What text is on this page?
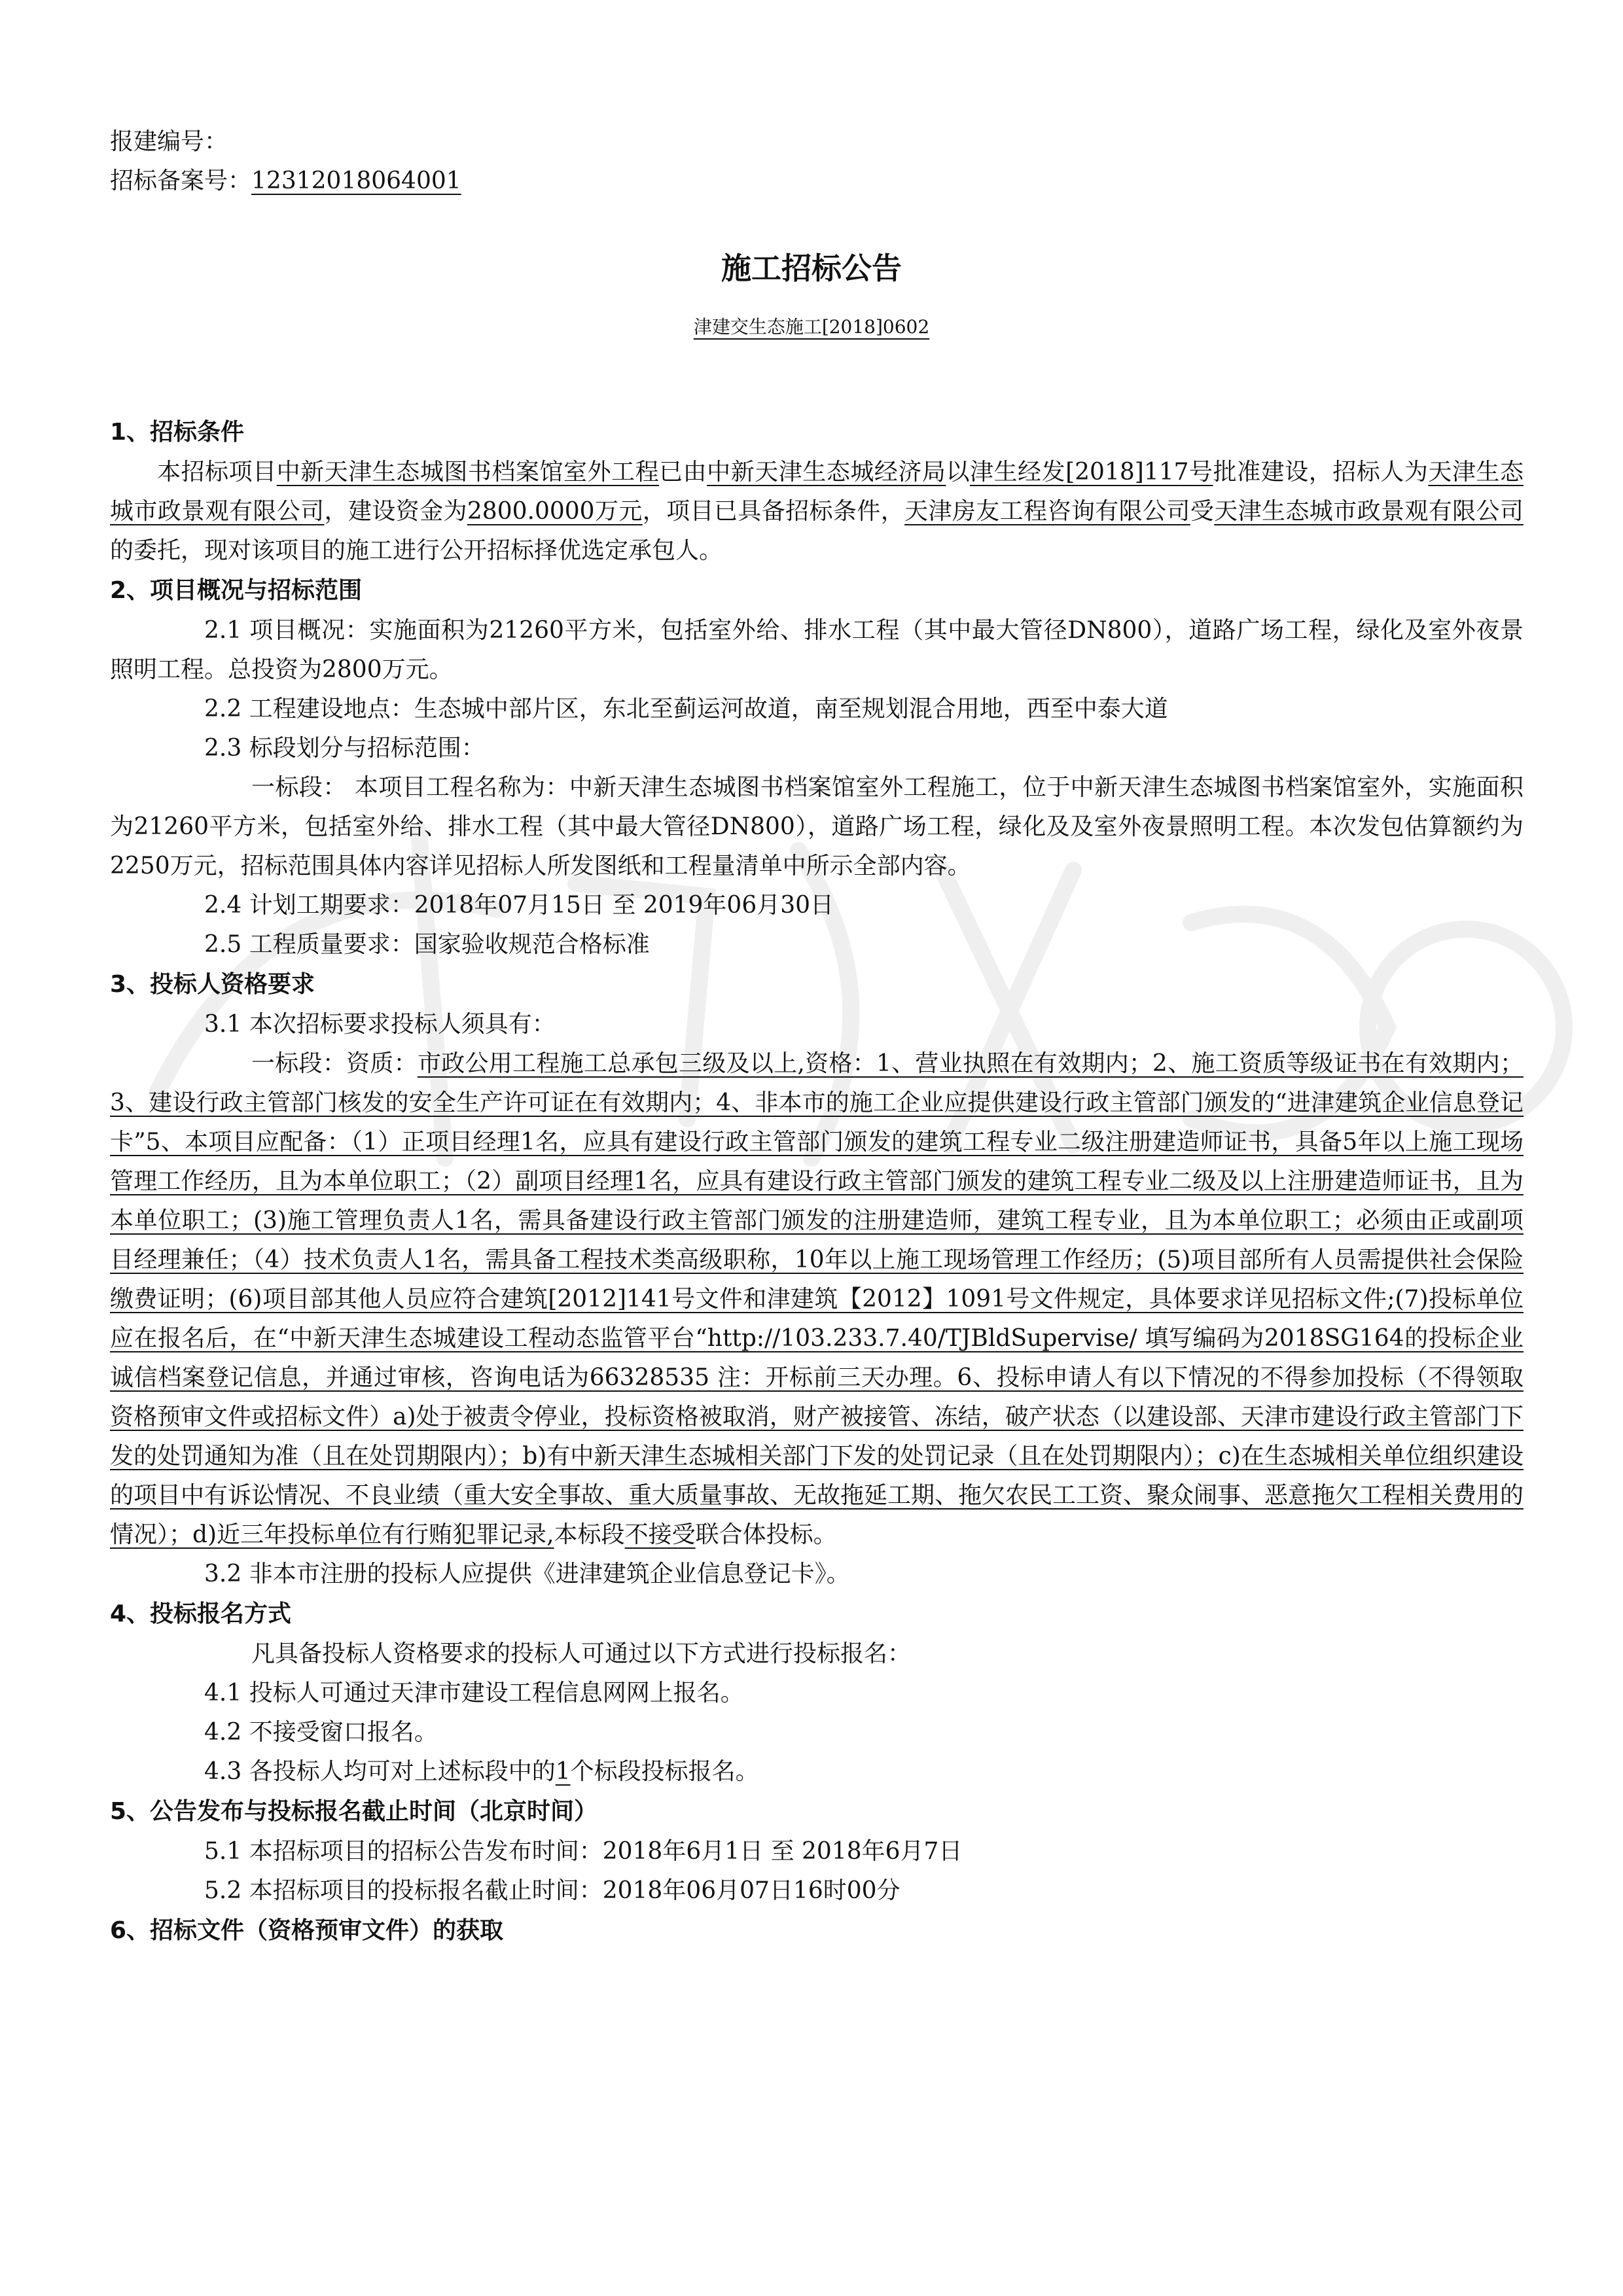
报建编号：
招标备案号：12312018064001
施工招标公告
津建交生态施工[2018]0602

1、招标条件

本招标项目中新天津生态城图书档案馆室外工程已由中新天津生态城经济局以津生经发[2018]117号批准建设，招标人为天津生态城市政景观有限公司，建设资金为2800.0000万元，项目已具备招标条件，天津房友工程咨询有限公司受天津生态城市政景观有限公司的委托，现对该项目的施工进行公开招标择优选定承包人。

2、项目概况与招标范围

2.1 项目概况：实施面积为21260平方米，包括室外给、排水工程（其中最大管径DN800），道路广场工程，绿化及室外夜景照明工程。总投资为2800万元。

2.2 工程建设地点：生态城中部片区，东北至蓟运河故道，南至规划混合用地，西至中泰大道

2.3 标段划分与招标范围：

一标段： 本项目工程名称为：中新天津生态城图书档案馆室外工程施工，位于中新天津生态城图书档案馆室外，实施面积为21260平方米，包括室外给、排水工程（其中最大管径DN800），道路广场工程，绿化及及室外夜景照明工程。本次发包估算额约为2250万元，招标范围具体内容详见招标人所发图纸和工程量清单中所示全部内容。

2.4 计划工期要求：2018年07月15日 至 2019年06月30日

2.5 工程质量要求：国家验收规范合格标准

3、投标人资格要求

3.1 本次招标要求投标人须具有：

一标段：资质：市政公用工程施工总承包三级及以上,资格：1、营业执照在有效期内；2、施工资质等级证书在有效期内；3、建设行政主管部门核发的安全生产许可证在有效期内；4、非本市的施工企业应提供建设行政主管部门颁发的“进津建筑企业信息登记卡”5、本项目应配备：（1）正项目经理1名，应具有建设行政主管部门颁发的建筑工程专业二级注册建造师证书，具备5年以上施工现场管理工作经历，且为本单位职工；（2）副项目经理1名，应具有建设行政主管部门颁发的建筑工程专业二级及以上注册建造师证书，且为本单位职工；(3)施工管理负责人1名，需具备建设行政主管部门颁发的注册建造师，建筑工程专业，且为本单位职工；必须由正或副项目经理兼任；（4）技术负责人1名，需具备工程技术类高级职称，10年以上施工现场管理工作经历；(5)项目部所有人员需提供社会保险缴费证明；(6)项目部其他人员应符合建筑[2012]141号文件和津建筑【2012】1091号文件规定，具体要求详见招标文件;(7)投标单位应在报名后，在“中新天津生态城建设工程动态监管平台“http://103.233.7.40/TJBldSupervise/ 填写编码为2018SG164的投标企业诚信档案登记信息，并通过审核，咨询电话为66328535 注：开标前三天办理。6、投标申请人有以下情况的不得参加投标（不得领取资格预审文件或招标文件）a)处于被责令停业，投标资格被取消，财产被接管、冻结，破产状态（以建设部、天津市建设行政主管部门下发的处罚通知为准（且在处罚期限内）；b)有中新天津生态城相关部门下发的处罚记录（且在处罚期限内）；c)在生态城相关单位组织建设的项目中有诉讼情况、不良业绩（重大安全事故、重大质量事故、无故拖延工期、拖欠农民工工资、聚众闹事、恶意拖欠工程相关费用的情况）；d)近三年投标单位有行贿犯罪记录,本标段不接受联合体投标。

3.2 非本市注册的投标人应提供《进津建筑企业信息登记卡》。

4、投标报名方式

凡具备投标人资格要求的投标人可通过以下方式进行投标报名：

4.1 投标人可通过天津市建设工程信息网网上报名。

4.2 不接受窗口报名。

4.3 各投标人均可对上述标段中的1个标段投标报名。

5、公告发布与投标报名截止时间（北京时间）

5.1 本招标项目的招标公告发布时间：2018年6月1日 至 2018年6月7日

5.2 本招标项目的投标报名截止时间：2018年06月07日16时00分

6、招标文件（资格预审文件）的获取
